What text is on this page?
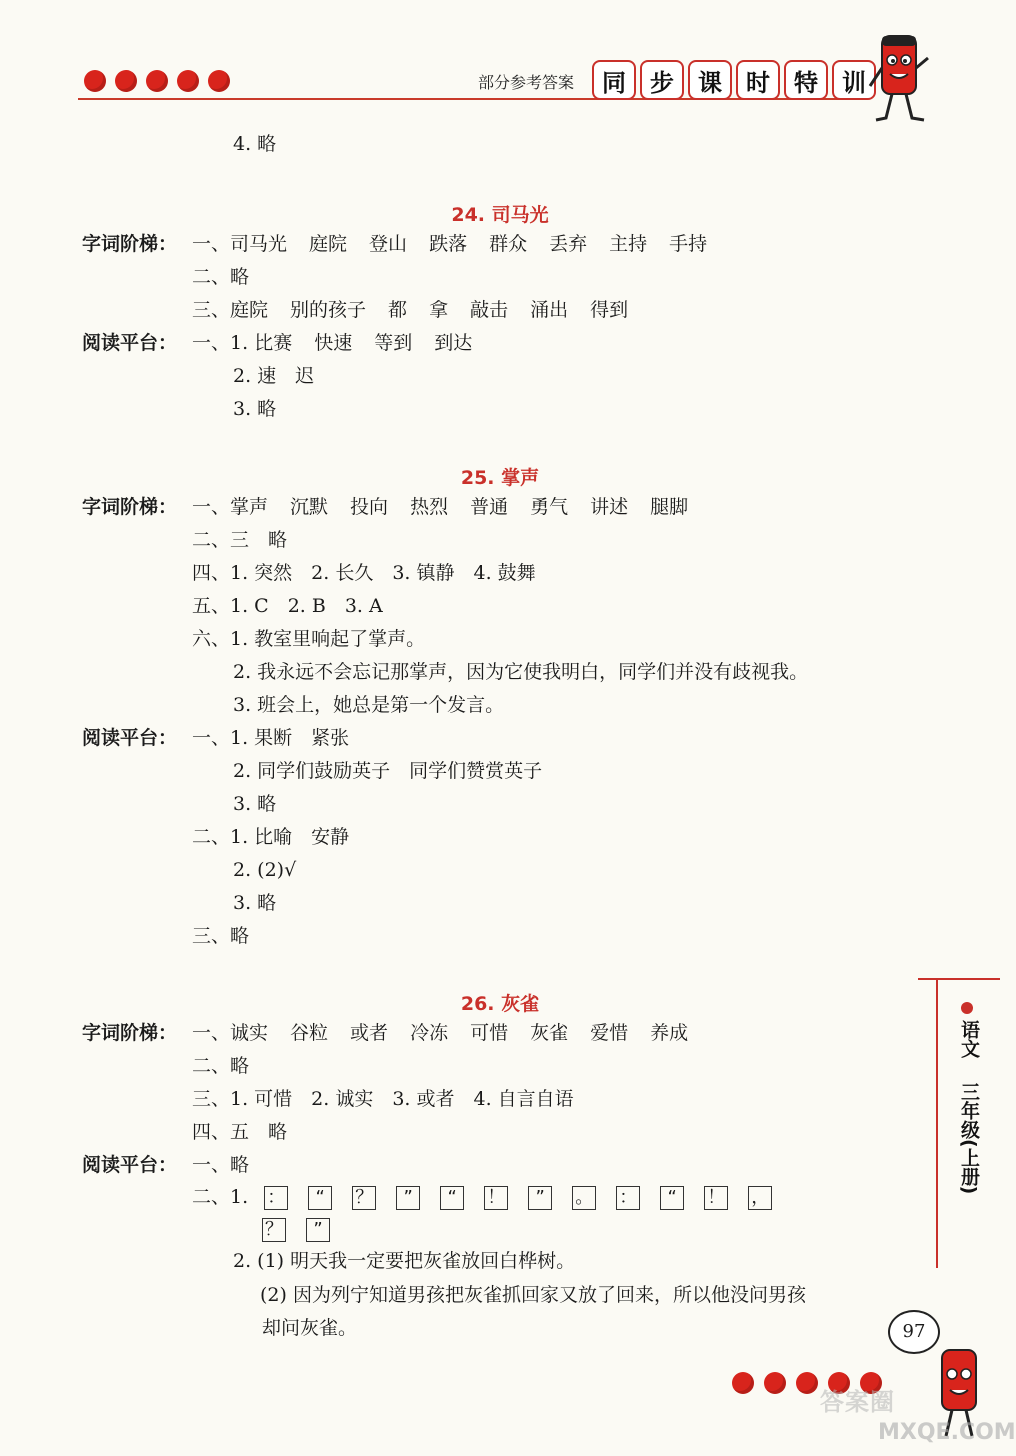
部分参考答案	同	步	课	时	特	训
4. 略
24. 司马光
字词阶梯： 一、司马光 庭院 登山 跌落 群众 丢弃 主持 手持
二、略
三、庭院 别的孩子 都 拿 敲击 涌出 得到
阅读平台： 一、1. 比赛 快速 等到 到达
2. 速　迟
3. 略
25. 掌声
字词阶梯： 一、掌声 沉默 投向 热烈 普通 勇气 讲述 腿脚
二、三　略
四、1. 突然　2. 长久　3. 镇静　4. 鼓舞
五、1. C　2. B　3. A
六、1. 教室里响起了掌声。
2. 我永远不会忘记那掌声，因为它使我明白，同学们并没有歧视我。
3. 班会上，她总是第一个发言。
阅读平台： 一、1. 果断　紧张
2. 同学们鼓励英子　同学们赞赏英子
3. 略
二、1. 比喻　安静
2. (2)√
3. 略
三、略
26. 灰雀
字词阶梯： 一、诚实 谷粒 或者 冷冻 可惜 灰雀 爱惜 养成
二、略
三、1. 可惜　2. 诚实　3. 或者　4. 自言自语
四、五　略
阅读平台： 一、略
二、1. ： “ ？ ” “ ！ ” 。 ： “ ！ ，
？ ”
2. (1) 明天我一定要把灰雀放回白桦树。
(2) 因为列宁知道男孩把灰雀抓回家又放了回来，所以他没问男孩
却问灰雀。
语文
三年级(上册)
97
答案圈
MXQE.COM
